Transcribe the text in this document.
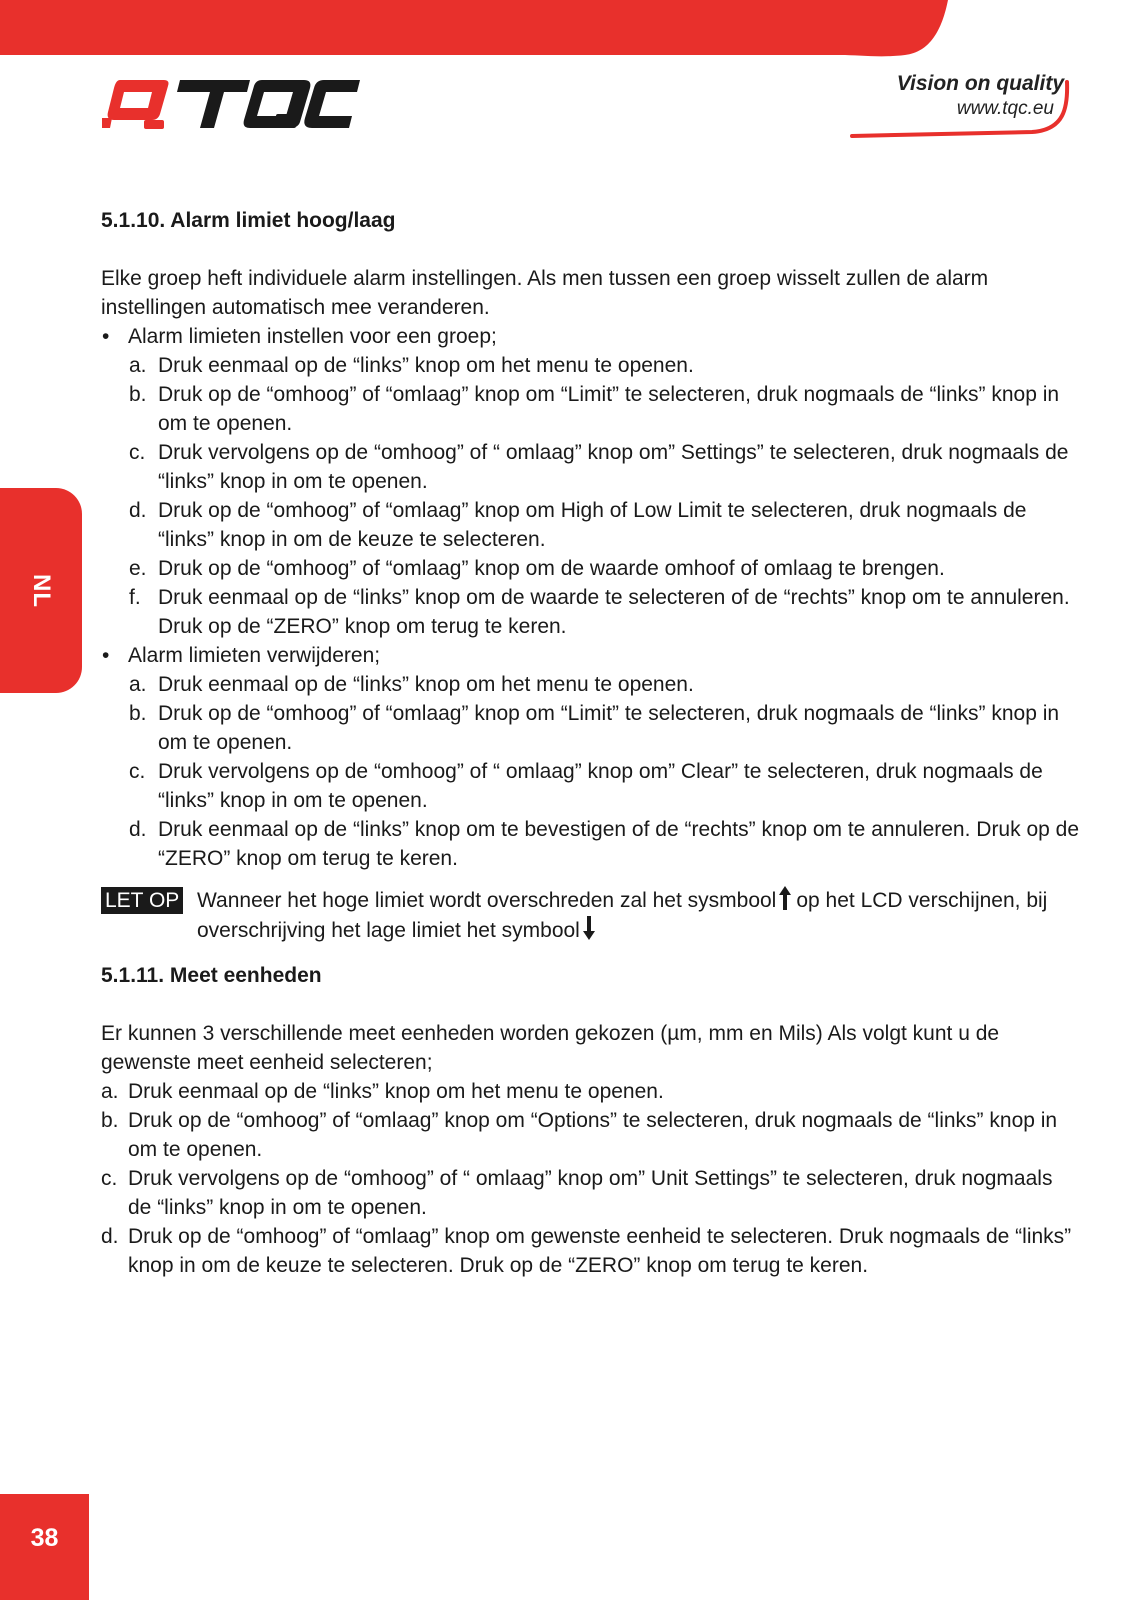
Vision on quality
www.tqc.eu
NL
38
5.1.10. Alarm limiet hoog/laag

Elke groep heft individuele alarm instellingen. Als men tussen een groep wisselt zullen de alarm instellingen automatisch mee veranderen.

• Alarm limieten instellen voor een groep;
a. Druk eenmaal op de “links” knop om het menu te openen.
b. Druk op de “omhoog” of “omlaag” knop om “Limit” te selecteren, druk nogmaals de “links” knop in om te openen.
c. Druk vervolgens op de “omhoog” of “ omlaag” knop om” Settings” te selecteren, druk nogmaals de “links” knop in om te openen.
d. Druk op de “omhoog” of “omlaag” knop om High of Low Limit te selecteren, druk nogmaals de “links” knop in om de keuze te selecteren.
e. Druk op de “omhoog” of “omlaag” knop om de waarde omhoof of omlaag te brengen.
f. Druk eenmaal op de “links” knop om de waarde te selecteren of de “rechts” knop om te annuleren. Druk op de “ZERO” knop om terug te keren.
• Alarm limieten verwijderen;
a. Druk eenmaal op de “links” knop om het menu te openen.
b. Druk op de “omhoog” of “omlaag” knop om “Limit” te selecteren, druk nogmaals de “links” knop in om te openen.
c. Druk vervolgens op de “omhoog” of “ omlaag” knop om” Clear” te selecteren, druk nogmaals de “links” knop in om te openen.
d. Druk eenmaal op de “links” knop om te bevestigen of de “rechts” knop om te annuleren. Druk op de “ZERO” knop om terug te keren.
LET OP Wanneer het hoge limiet wordt overschreden zal het sysmbool op het LCD verschijnen, bij overschrijving het lage limiet het symbool
5.1.11. Meet eenheden

Er kunnen 3 verschillende meet eenheden worden gekozen (µm, mm en Mils) Als volgt kunt u de gewenste meet eenheid selecteren;

a. Druk eenmaal op de “links” knop om het menu te openen.
b. Druk op de “omhoog” of “omlaag” knop om “Options” te selecteren, druk nogmaals de “links” knop in om te openen.
c. Druk vervolgens op de “omhoog” of “ omlaag” knop om” Unit Settings” te selecteren, druk nogmaals de “links” knop in om te openen.
d. Druk op de “omhoog” of “omlaag” knop om gewenste eenheid te selecteren. Druk nogmaals de “links” knop in om de keuze te selecteren. Druk op de “ZERO” knop om terug te keren.
